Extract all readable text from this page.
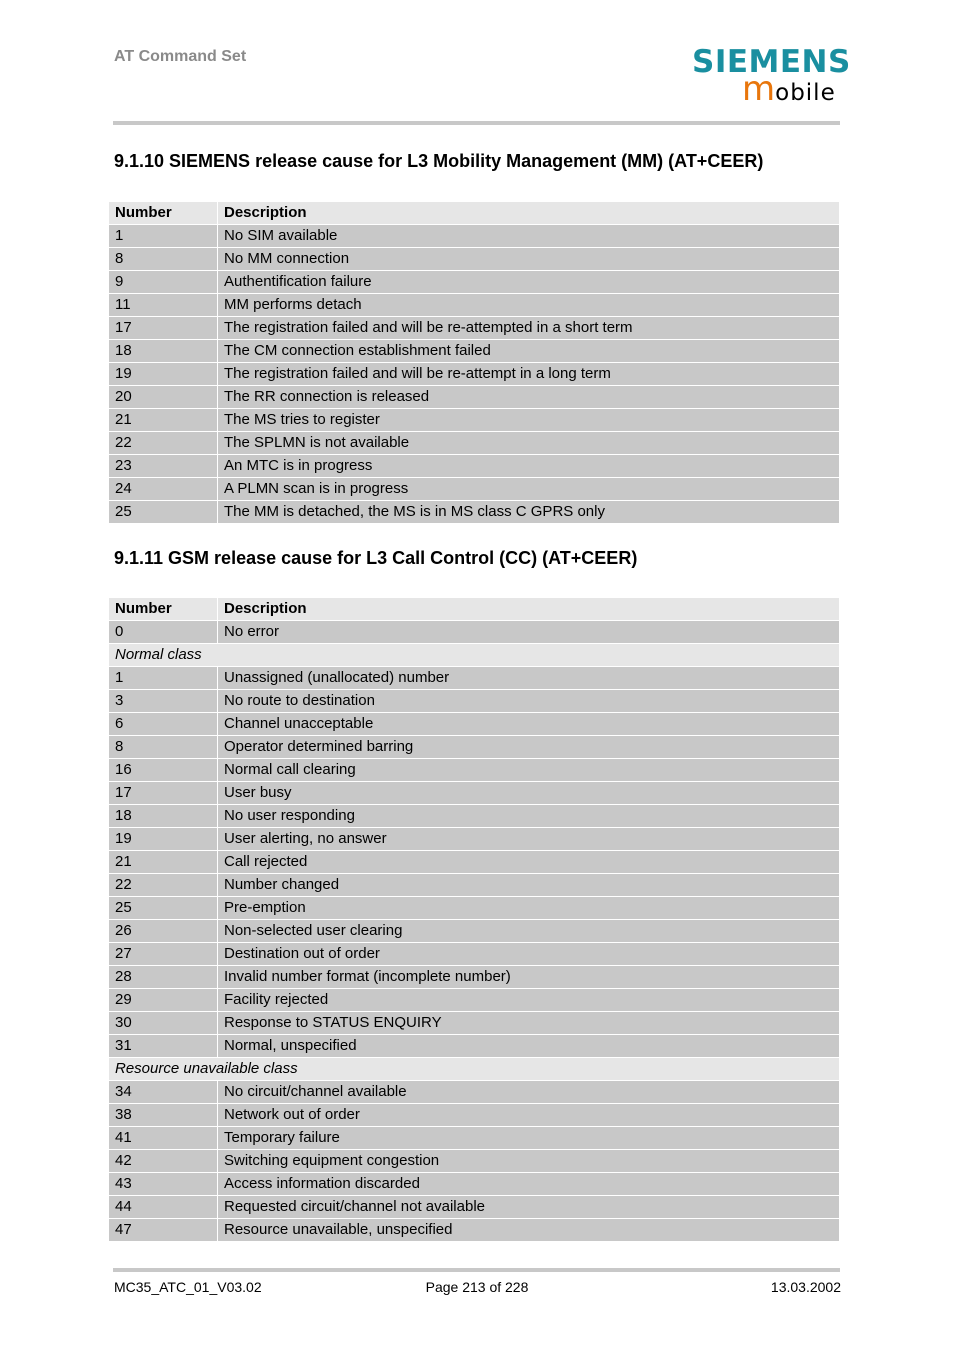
AT Command Set	SIEMENS
mobile
9.1.10 SIEMENS release cause for L3 Mobility Management (MM) (AT+CEER)
Number	Description
1	No SIM available
8	No MM connection
9	Authentification failure
11	MM performs detach
17	The registration failed and will be re-attempted in a short term
18	The CM connection establishment failed
19	The registration failed and will be re-attempt in a long term
20	The RR connection is released
21	The MS tries to register
22	The SPLMN is not available
23	An MTC is in progress
24	A PLMN scan is in progress
25	The MM is detached, the MS is in MS class C GPRS only
9.1.11 GSM release cause for L3 Call Control (CC) (AT+CEER)
Number	Description
0	No error
Normal class	
1	Unassigned (unallocated) number
3	No route to destination
6	Channel unacceptable
8	Operator determined barring
16	Normal call clearing
17	User busy
18	No user responding
19	User alerting, no answer
21	Call rejected
22	Number changed
25	Pre-emption
26	Non-selected user clearing
27	Destination out of order
28	Invalid number format (incomplete number)
29	Facility rejected
30	Response to STATUS ENQUIRY
31	Normal, unspecified
Resource unavailable class	
34	No circuit/channel available
38	Network out of order
41	Temporary failure
42	Switching equipment congestion
43	Access information discarded
44	Requested circuit/channel not available
47	Resource unavailable, unspecified
MC35_ATC_01_V03.02	Page 213 of 228	13.03.2002
